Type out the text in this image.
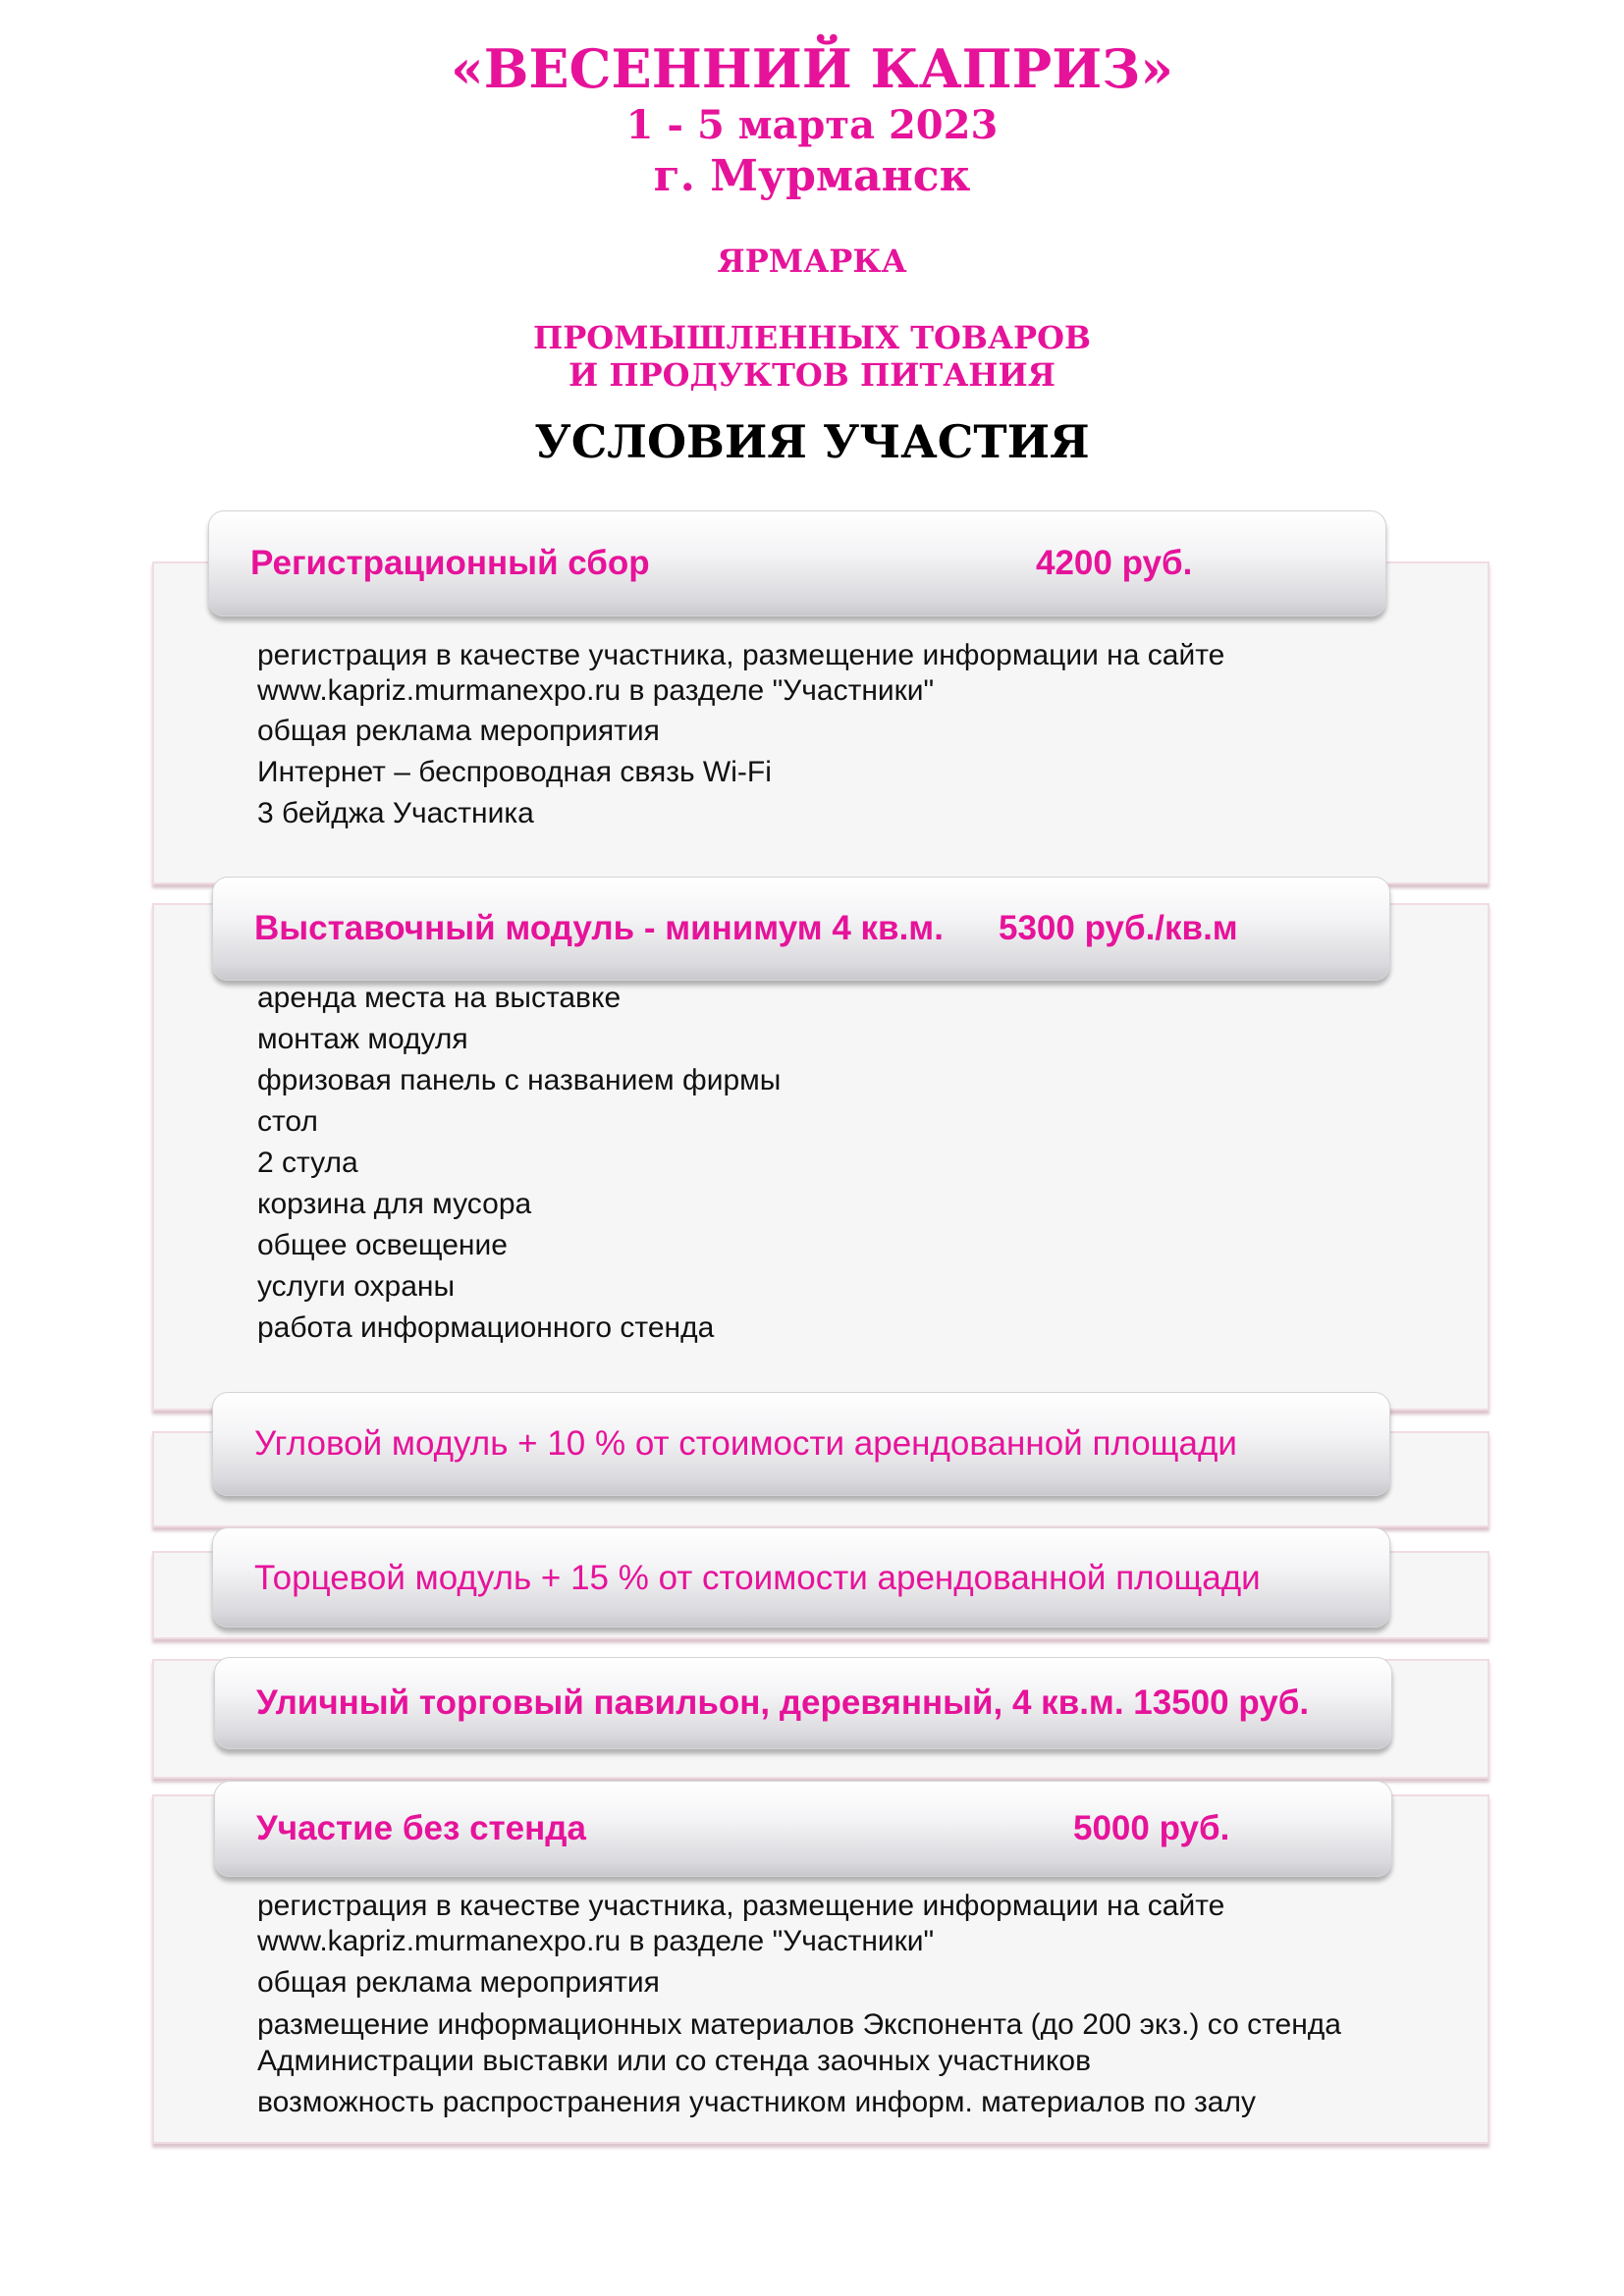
«ВЕСЕННИЙ КАПРИЗ»
1 - 5 марта 2023
г. Мурманск
ЯРМАРКА
ПРОМЫШЛЕННЫХ ТОВАРОВ
И ПРОДУКТОВ ПИТАНИЯ
УСЛОВИЯ УЧАСТИЯ
Регистрационный сбор	4200 руб.
регистрация в качестве участника, размещение информации на сайте
www.kapriz.murmanexpo.ru в разделе "Участники"
общая реклама мероприятия
Интернет – беспроводная связь Wi-Fi
3 бейджа Участника
Выставочный модуль - минимум 4 кв.м. 5300 руб./кв.м
аренда места на выставке
монтаж модуля
фризовая панель с названием фирмы
стол
2 стула
корзина для мусора
общее освещение
услуги охраны
работа информационного стенда
Угловой модуль + 10 % от стоимости арендованной площади
Торцевой модуль + 15 % от стоимости арендованной площади
Уличный торговый павильон, деревянный, 4 кв.м. 13500 руб.
Участие без стенда	5000 руб.
регистрация в качестве участника, размещение информации на сайте
www.kapriz.murmanexpo.ru в разделе "Участники"
общая реклама мероприятия
размещение информационных материалов Экспонента (до 200 экз.) со стенда
Администрации выставки или со стенда заочных участников
возможность распространения участником информ. материалов по залу
